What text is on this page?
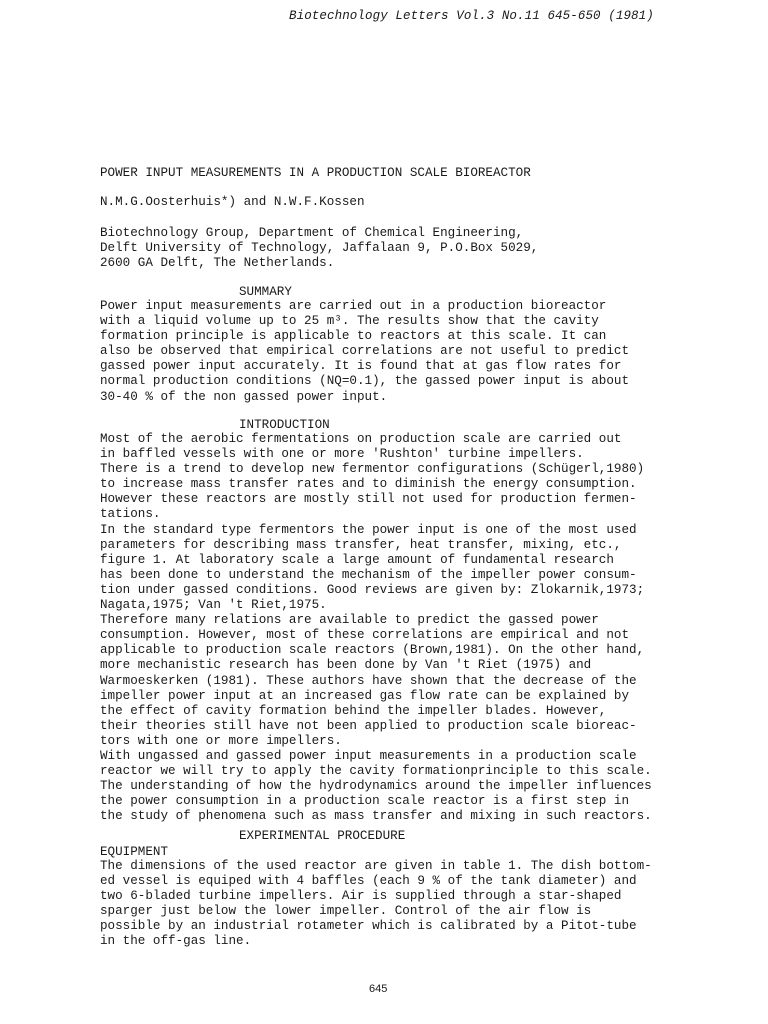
Biotechnology Letters Vol.3 No.11 645-650 (1981)
POWER INPUT MEASUREMENTS IN A PRODUCTION SCALE BIOREACTOR
N.M.G.Oosterhuis*) and N.W.F.Kossen
Biotechnology Group, Department of Chemical Engineering,
Delft University of Technology, Jaffalaan 9, P.O.Box 5029,
2600 GA Delft, The Netherlands.
SUMMARY
Power input measurements are carried out in a production bioreactor
with a liquid volume up to 25 m³. The results show that the cavity
formation principle is applicable to reactors at this scale. It can
also be observed that empirical correlations are not useful to predict
gassed power input accurately. It is found that at gas flow rates for
normal production conditions (NQ=0.1), the gassed power input is about
30-40 % of the non gassed power input.
INTRODUCTION
Most of the aerobic fermentations on production scale are carried out
in baffled vessels with one or more 'Rushton' turbine impellers.
There is a trend to develop new fermentor configurations (Schügerl,1980)
to increase mass transfer rates and to diminish the energy consumption.
However these reactors are mostly still not used for production fermen-
tations.
In the standard type fermentors the power input is one of the most used
parameters for describing mass transfer, heat transfer, mixing, etc.,
figure 1. At laboratory scale a large amount of fundamental research
has been done to understand the mechanism of the impeller power consum-
tion under gassed conditions. Good reviews are given by: Zlokarnik,1973;
Nagata,1975; Van 't Riet,1975.
Therefore many relations are available to predict the gassed power
consumption. However, most of these correlations are empirical and not
applicable to production scale reactors (Brown,1981). On the other hand,
more mechanistic research has been done by Van 't Riet (1975) and
Warmoeskerken (1981). These authors have shown that the decrease of the
impeller power input at an increased gas flow rate can be explained by
the effect of cavity formation behind the impeller blades. However,
their theories still have not been applied to production scale bioreac-
tors with one or more impellers.
With ungassed and gassed power input measurements in a production scale
reactor we will try to apply the cavity formationprinciple to this scale.
The understanding of how the hydrodynamics around the impeller influences
the power consumption in a production scale reactor is a first step in
the study of phenomena such as mass transfer and mixing in such reactors.
EXPERIMENTAL PROCEDURE
EQUIPMENT
The dimensions of the used reactor are given in table 1. The dish bottom-
ed vessel is equiped with 4 baffles (each 9 % of the tank diameter) and
two 6-bladed turbine impellers. Air is supplied through a star-shaped
sparger just below the lower impeller. Control of the air flow is
possible by an industrial rotameter which is calibrated by a Pitot-tube
in the off-gas line.
645
